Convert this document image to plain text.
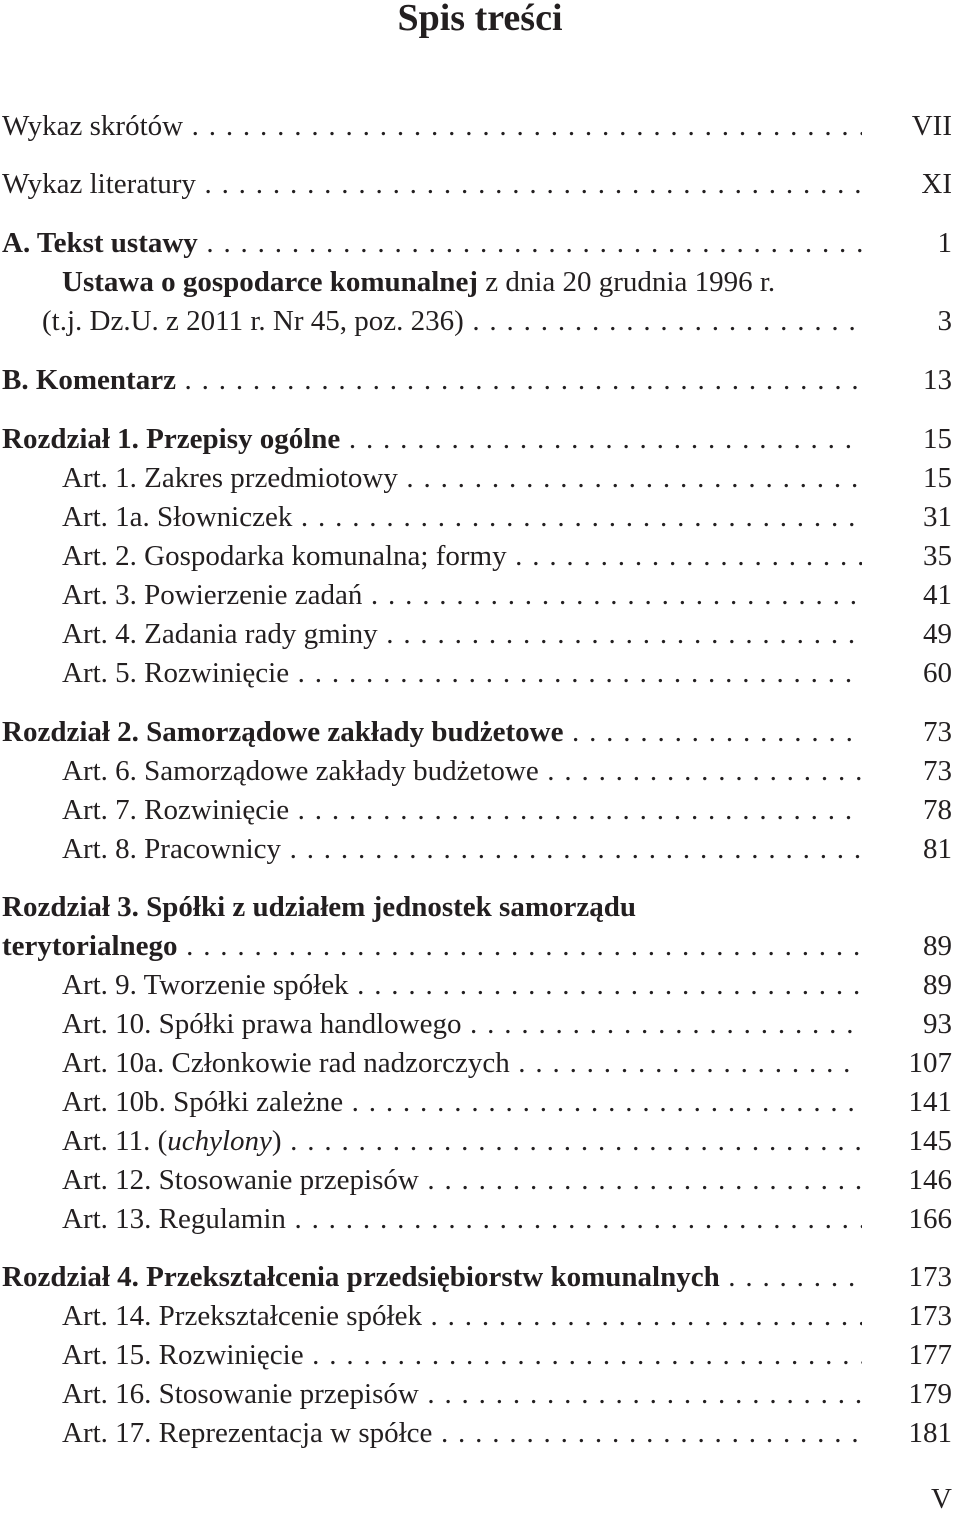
Spis treści
Wykaz skrótów . . .	VII
Wykaz literatury . . .	XI
A. Tekst ustawy . . .	1
Ustawa o gospodarce komunalnej z dnia 20 grudnia 1996 r.
(t.j. Dz.U. z 2011 r. Nr 45, poz. 236) . . .	3
B. Komentarz . . .	13
Rozdział 1. Przepisy ogólne . . .	15
Art. 1. Zakres przedmiotowy . . .	15
Art. 1a. Słowniczek . . .	31
Art. 2. Gospodarka komunalna; formy . . .	35
Art. 3. Powierzenie zadań . . .	41
Art. 4. Zadania rady gminy . . .	49
Art. 5. Rozwinięcie . . .	60
Rozdział 2. Samorządowe zakłady budżetowe . . .	73
Art. 6. Samorządowe zakłady budżetowe . . .	73
Art. 7. Rozwinięcie . . .	78
Art. 8. Pracownicy . . .	81
Rozdział 3. Spółki z udziałem jednostek samorządu
terytorialnego . . .	89
Art. 9. Tworzenie spółek . . .	89
Art. 10. Spółki prawa handlowego . . .	93
Art. 10a. Członkowie rad nadzorczych . . .	107
Art. 10b. Spółki zależne . . .	141
Art. 11. (uchylony) . . .	145
Art. 12. Stosowanie przepisów . . .	146
Art. 13. Regulamin . . .	166
Rozdział 4. Przekształcenia przedsiębiorstw komunalnych . . .	173
Art. 14. Przekształcenie spółek . . .	173
Art. 15. Rozwinięcie . . .	177
Art. 16. Stosowanie przepisów . . .	179
Art. 17. Reprezentacja w spółce . . .	181
V
